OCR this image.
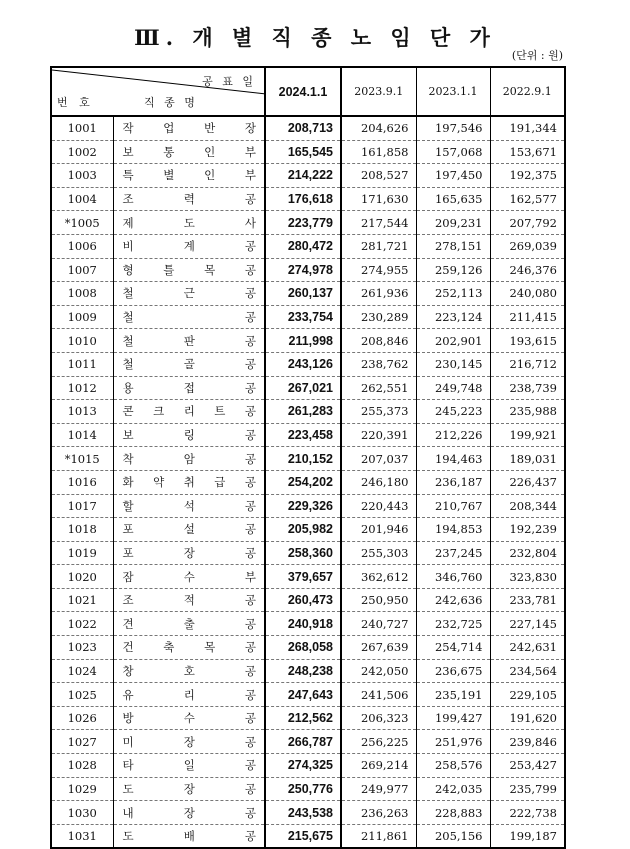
Ⅲ. 개 별 직 종 노 임 단 가
(단위 : 원)
공 표 일
번 호 직 종 명		2024.1.1	2023.9.1	2023.1.1	2022.9.1
1001	작 업 반 장	208,713	204,626	197,546	191,344
1002	보 통 인 부	165,545	161,858	157,068	153,671
1003	특 별 인 부	214,222	208,527	197,450	192,375
1004	조 력 공	176,618	171,630	165,635	162,577
*1005	제 도 사	223,779	217,544	209,231	207,792
1006	비 계 공	280,472	281,721	278,151	269,039
1007	형 틀 목 공	274,978	274,955	259,126	246,376
1008	철 근 공	260,137	261,936	252,113	240,080
1009	철 공	233,754	230,289	223,124	211,415
1010	철 판 공	211,998	208,846	202,901	193,615
1011	철 골 공	243,126	238,762	230,145	216,712
1012	용 접 공	267,021	262,551	249,748	238,739
1013	콘 크 리 트 공	261,283	255,373	245,223	235,988
1014	보 링 공	223,458	220,391	212,226	199,921
*1015	착 암 공	210,152	207,037	194,463	189,031
1016	화 약 취 급 공	254,202	246,180	236,187	226,437
1017	할 석 공	229,326	220,443	210,767	208,344
1018	포 설 공	205,982	201,946	194,853	192,239
1019	포 장 공	258,360	255,303	237,245	232,804
1020	잠 수 부	379,657	362,612	346,760	323,830
1021	조 적 공	260,473	250,950	242,636	233,781
1022	견 출 공	240,918	240,727	232,725	227,145
1023	건 축 목 공	268,058	267,639	254,714	242,631
1024	창 호 공	248,238	242,050	236,675	234,564
1025	유 리 공	247,643	241,506	235,191	229,105
1026	방 수 공	212,562	206,323	199,427	191,620
1027	미 장 공	266,787	256,225	251,976	239,846
1028	타 일 공	274,325	269,214	258,576	253,427
1029	도 장 공	250,776	249,977	242,035	235,799
1030	내 장 공	243,538	236,263	228,883	222,738
1031	도 배 공	215,675	211,861	205,156	199,187
